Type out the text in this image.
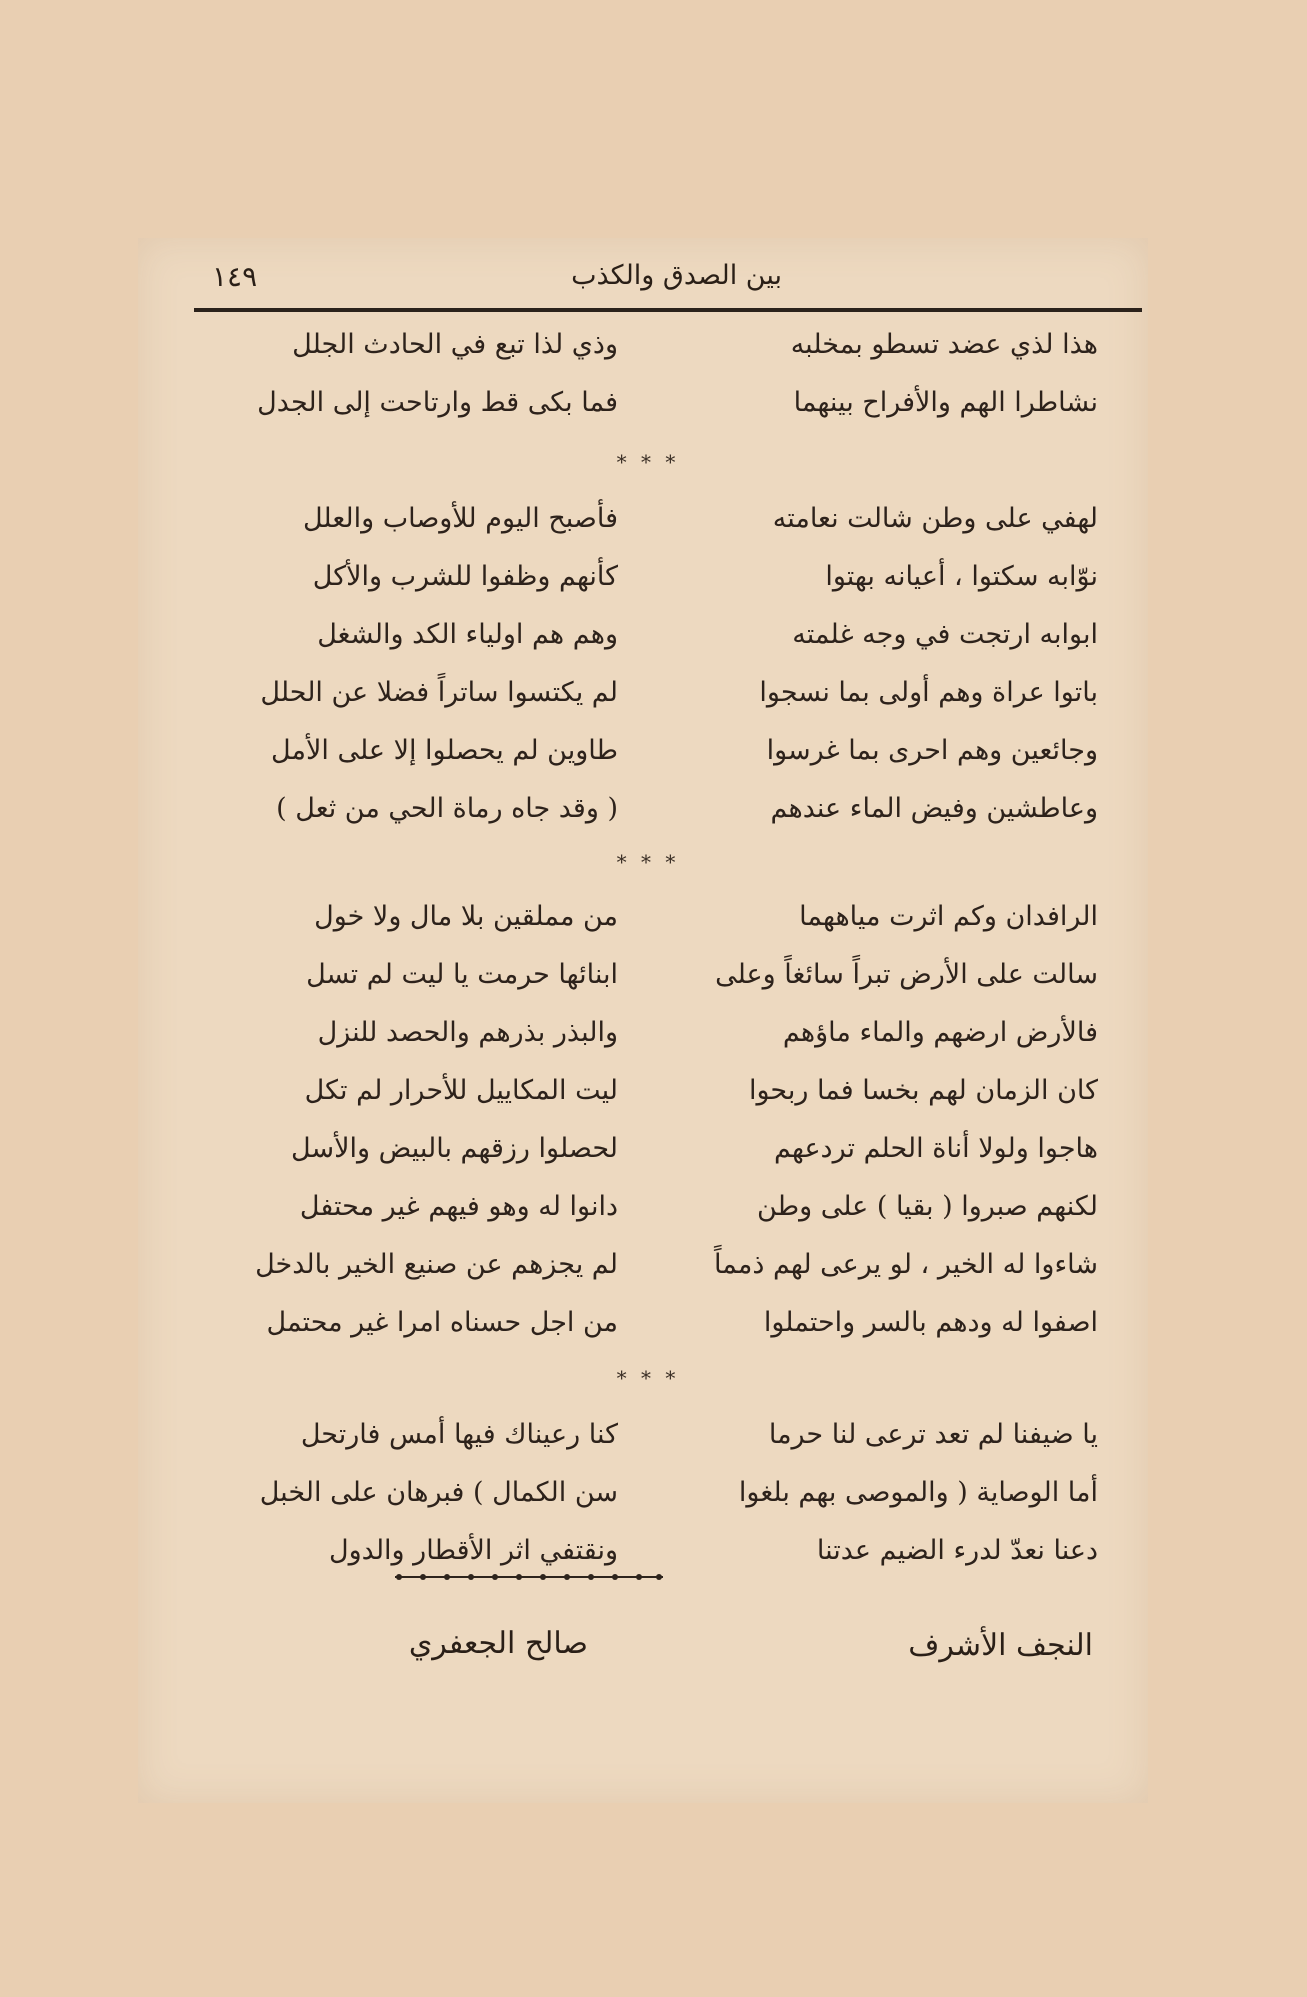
بين الصدق والكذب
١٤٩
هذا لذي عضد تسطو بمخلبه
نشاطرا الهم والأفراح بينهما
وذي لذا تبع في الحادث الجلل
فما بكى قط وارتاحت إلى الجدل
* * *
لهفي على وطن شالت نعامته
نوّابه سكتوا ، أعيانه بهتوا
ابوابه ارتجت في وجه غلمته
باتوا عراة وهم أولى بما نسجوا
وجائعين وهم احرى بما غرسوا
وعاطشين وفيض الماء عندهم
فأصبح اليوم للأوصاب والعلل
كأنهم وظفوا للشرب والأكل
وهم هم اولياء الكد والشغل
لم يكتسوا ساتراً فضلا عن الحلل
طاوين لم يحصلوا إلا على الأمل
( وقد جاه رماة الحي من ثعل )
* * *
الرافدان وكم اثرت مياههما
سالت على الأرض تبراً سائغاً وعلى
فالأرض ارضهم والماء ماؤهم
كان الزمان لهم بخسا فما ربحوا
هاجوا ولولا أناة الحلم تردعهم
لكنهم صبروا ( بقيا ) على وطن
شاءوا له الخير ، لو يرعى لهم ذمماً
اصفوا له ودهم بالسر واحتملوا
من مملقين بلا مال ولا خول
ابنائها حرمت يا ليت لم تسل
والبذر بذرهم والحصد للنزل
ليت المكاييل للأحرار لم تكل
لحصلوا رزقهم بالبيض والأسل
دانوا له وهو فيهم غير محتفل
لم يجزهم عن صنيع الخير بالدخل
من اجل حسناه امرا غير محتمل
* * *
يا ضيفنا لم تعد ترعى لنا حرما
أما الوصاية ( والموصى بهم بلغوا
دعنا نعدّ لدرء الضيم عدتنا
كنا رعيناك فيها أمس فارتحل
سن الكمال ) فبرهان على الخبل
ونقتفي اثر الأقطار والدول
النجف الأشرف
صالح الجعفري
